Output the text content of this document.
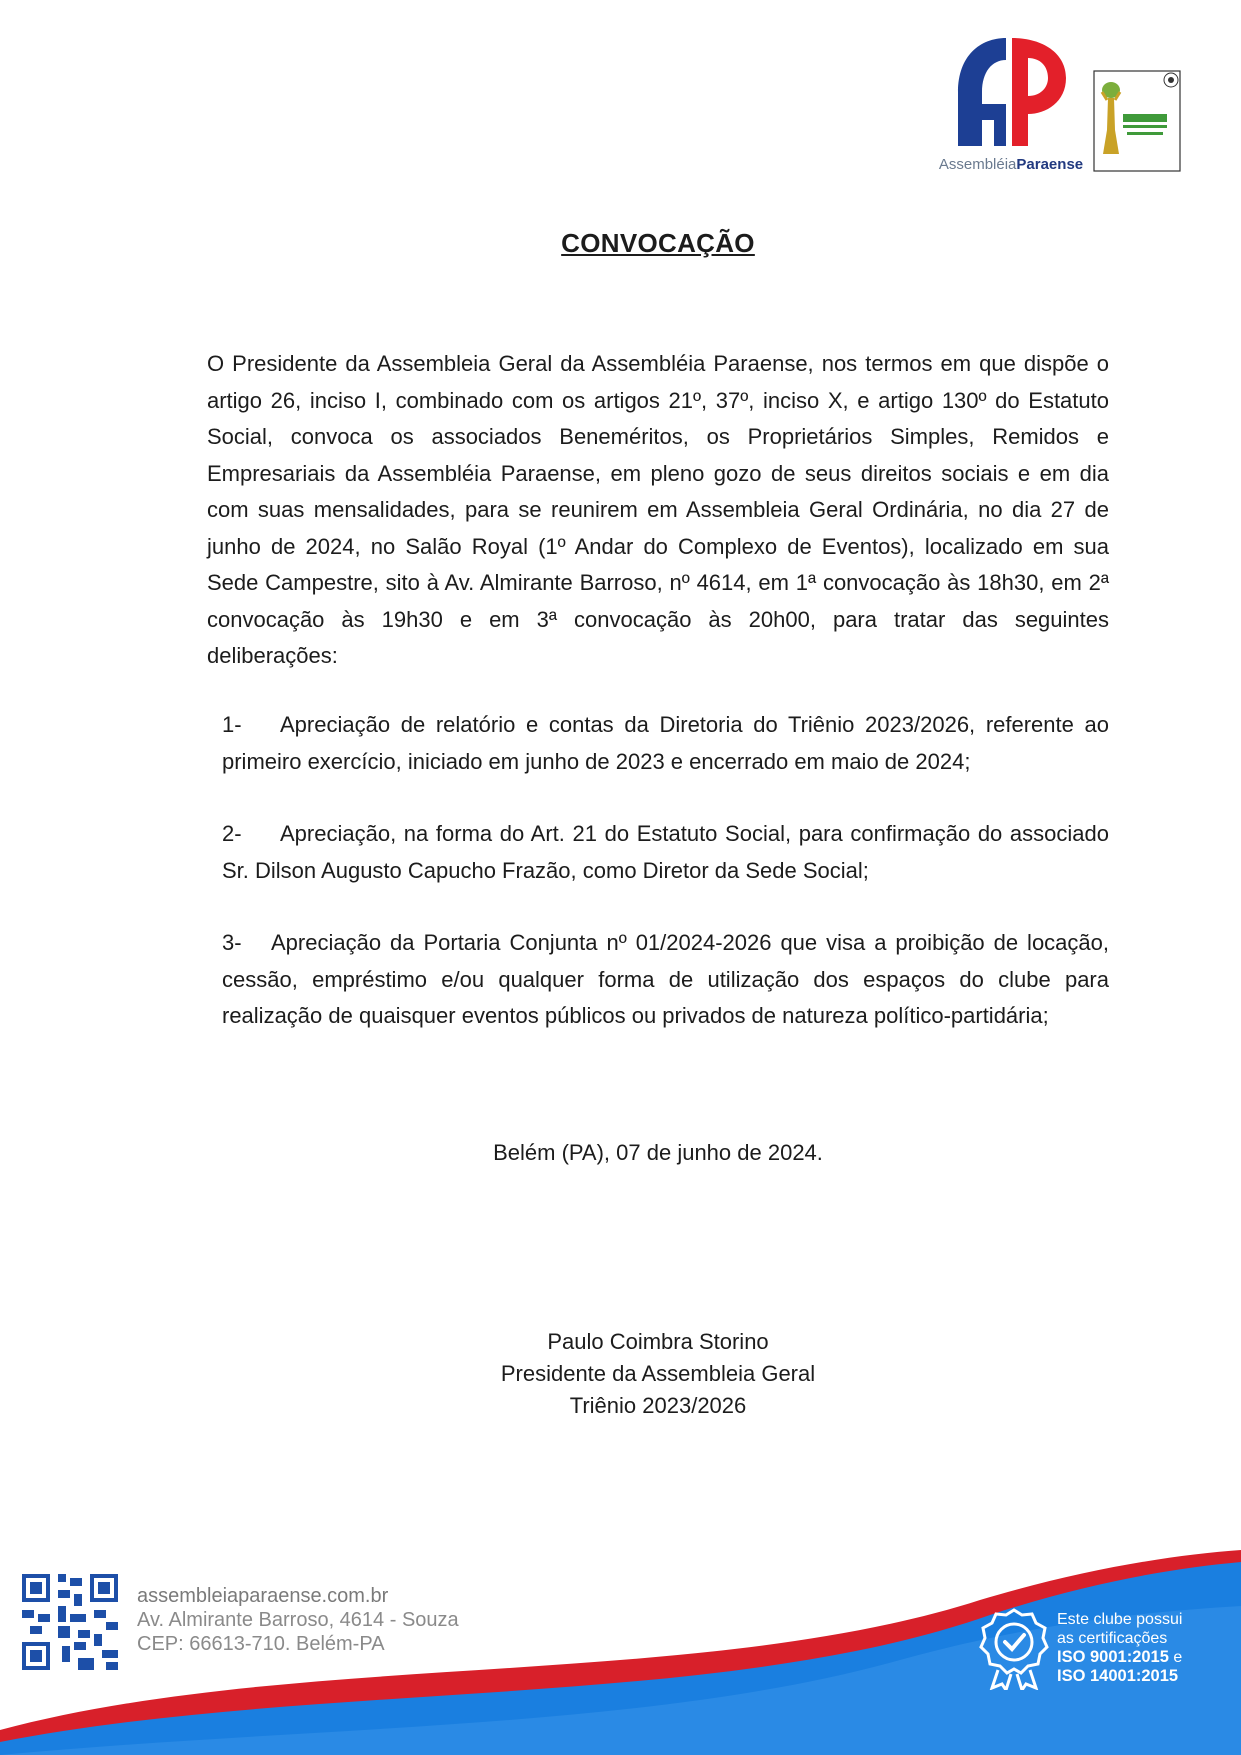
AssembléiaParaense
CONVOCAÇÃO

O Presidente da Assembleia Geral da Assembléia Paraense, nos termos em que dispõe o artigo 26, inciso I, combinado com os artigos 21º, 37º, inciso X, e artigo 130º do Estatuto Social, convoca os associados Beneméritos, os Proprietários Simples, Remidos e Empresariais da Assembléia Paraense, em pleno gozo de seus direitos sociais e em dia com suas mensalidades, para se reunirem em Assembleia Geral Ordinária, no dia 27 de junho de 2024, no Salão Royal (1º Andar do Complexo de Eventos), localizado em sua Sede Campestre, sito à Av. Almirante Barroso, nº 4614, em 1ª convocação às 18h30, em 2ª convocação às 19h30 e em 3ª convocação às 20h00, para tratar das seguintes deliberações:

1- Apreciação de relatório e contas da Diretoria do Triênio 2023/2026, referente ao primeiro exercício, iniciado em junho de 2023 e encerrado em maio de 2024;

2- Apreciação, na forma do Art. 21 do Estatuto Social, para confirmação do associado Sr. Dilson Augusto Capucho Frazão, como Diretor da Sede Social;

3- Apreciação da Portaria Conjunta nº 01/2024-2026 que visa a proibição de locação, cessão, empréstimo e/ou qualquer forma de utilização dos espaços do clube para realização de quaisquer eventos públicos ou privados de natureza político-partidária;

Belém (PA), 07 de junho de 2024.
Paulo Coimbra Storino
Presidente da Assembleia Geral
Triênio 2023/2026
assembleiaparaense.com.br
Av. Almirante Barroso, 4614 - Souza
CEP: 66613-710. Belém-PA
Este clube possui
as certificações
ISO 9001:2015 e
ISO 14001:2015
